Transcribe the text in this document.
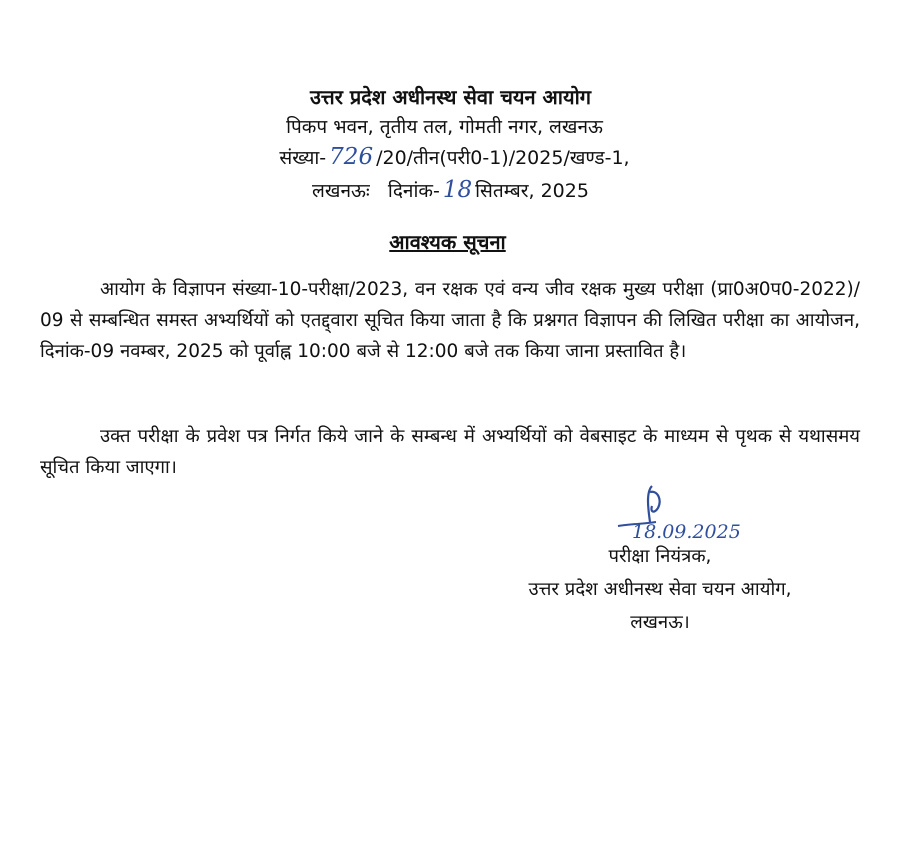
उत्तर प्रदेश अधीनस्थ सेवा चयन आयोग
पिकप भवन, तृतीय तल, गोमती नगर, लखनऊ
संख्या- 726 /20/तीन(परी0-1)/2025/खण्ड-1,
लखनऊः दिनांक- 18 सितम्बर, 2025
आवश्यक सूचना

आयोग के विज्ञापन संख्या-10-परीक्षा/2023, वन रक्षक एवं वन्य जीव रक्षक मुख्य परीक्षा (प्रा0अ0प0-2022)/ 09 से सम्बन्धित समस्त अभ्यर्थियों को एतद्द्वारा सूचित किया जाता है कि प्रश्नगत विज्ञापन की लिखित परीक्षा का आयोजन, दिनांक-09 नवम्बर, 2025 को पूर्वाह्न 10:00 बजे से 12:00 बजे तक किया जाना प्रस्तावित है।

उक्त परीक्षा के प्रवेश पत्र निर्गत किये जाने के सम्बन्ध में अभ्यर्थियों को वेबसाइट के माध्यम से पृथक से यथासमय सूचित किया जाएगा।

18.09.2025
परीक्षा नियंत्रक,
उत्तर प्रदेश अधीनस्थ सेवा चयन आयोग,
लखनऊ।
